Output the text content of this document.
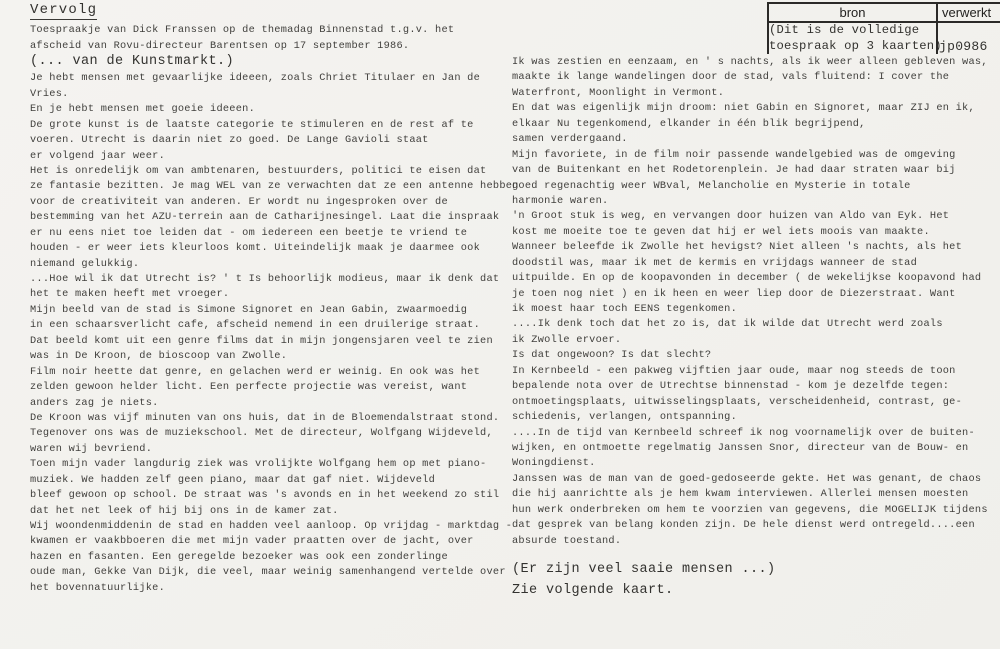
bron	verwerkt
(Dit is de volledige
toespraak op 3 kaarten)
jp0986
Vervolg
Toespraakje van Dick Franssen op de themadag Binnenstad t.g.v. het
afscheid van Rovu-directeur Barentsen op 17 september 1986.
(... van de Kunstmarkt.)
Je hebt mensen met gevaarlijke ideeen, zoals Chriet Titulaer en Jan de
Vries.
En je hebt mensen met goeie ideeen.
De grote kunst is de laatste categorie te stimuleren en de rest af te
voeren. Utrecht is daarin niet zo goed. De Lange Gavioli staat
er volgend jaar weer.
Het is onredelijk om van ambtenaren, bestuurders, politici te eisen dat
ze fantasie bezitten. Je mag WEL van ze verwachten dat ze een antenne hebben
voor de creativiteit van anderen. Er wordt nu ingesproken over de
bestemming van het AZU-terrein aan de Catharijnesingel. Laat die inspraak
er nu eens niet toe leiden dat - om iedereen een beetje te vriend te
houden - er weer iets kleurloos komt. Uiteindelijk maak je daarmee ook
niemand gelukkig.
...Hoe wil ik dat Utrecht is? ' t Is behoorlijk modieus, maar ik denk dat
het te maken heeft met vroeger.
Mijn beeld van de stad is Simone Signoret en Jean Gabin, zwaarmoedig
in een schaarsverlicht cafe, afscheid nemend in een druilerige straat.
Dat beeld komt uit een genre films dat in mijn jongensjaren veel te zien
was in De Kroon, de bioscoop van Zwolle.
Film noir heette dat genre, en gelachen werd er weinig. En ook was het
zelden gewoon helder licht. Een perfecte projectie was vereist, want
anders zag je niets.
De Kroon was vijf minuten van ons huis, dat in de Bloemendalstraat stond.
Tegenover ons was de muziekschool. Met de directeur, Wolfgang Wijdeveld,
waren wij bevriend.
Toen mijn vader langdurig ziek was vrolijkte Wolfgang hem op met piano-
muziek. We hadden zelf geen piano, maar dat gaf niet. Wijdeveld
bleef gewoon op school. De straat was 's avonds en in het weekend zo stil
dat het net leek of hij bij ons in de kamer zat.
Wij woondenmiddenin de stad en hadden veel aanloop. Op vrijdag - marktdag -
kwamen er vaakbboeren die met mijn vader praatten over de jacht, over
hazen en fasanten. Een geregelde bezoeker was ook een zonderlinge
oude man, Gekke Van Dijk, die veel, maar weinig samenhangend vertelde over
het bovennatuurlijke.
Ik was zestien en eenzaam, en ' s nachts, als ik weer alleen gebleven was,
maakte ik lange wandelingen door de stad, vals fluitend: I cover the
Waterfront, Moonlight in Vermont.
En dat was eigenlijk mijn droom: niet Gabin en Signoret, maar ZIJ en ik,
elkaar Nu tegenkomend, elkander in één blik begrijpend,
samen verdergaand.
Mijn favoriete, in de film noir passende wandelgebied was de omgeving
van de Buitenkant en het Rodetorenplein. Je had daar straten waar bij
goed regenachtig weer WBval, Melancholie en Mysterie in totale
harmonie waren.
'n Groot stuk is weg, en vervangen door huizen van Aldo van Eyk. Het
kost me moeite toe te geven dat hij er wel iets moois van maakte.
Wanneer beleefde ik Zwolle het hevigst? Niet alleen 's nachts, als het
doodstil was, maar ik met de kermis en vrijdags wanneer de stad
uitpuilde. En op de koopavonden in december ( de wekelijkse koopavond had
je toen nog niet ) en ik heen en weer liep door de Diezerstraat. Want
ik moest haar toch EENS tegenkomen.
....Ik denk toch dat het zo is, dat ik wilde dat Utrecht werd zoals
ik Zwolle ervoer.
Is dat ongewoon? Is dat slecht?
In Kernbeeld - een pakweg vijftien jaar oude, maar nog steeds de toon
bepalende nota over de Utrechtse binnenstad - kom je dezelfde tegen:
ontmoetingsplaats, uitwisselingsplaats, verscheidenheid, contrast, ge-
schiedenis, verlangen, ontspanning.
....In de tijd van Kernbeeld schreef ik nog voornamelijk over de buiten-
wijken, en ontmoette regelmatig Janssen Snor, directeur van de Bouw- en
Woningdienst.
Janssen was de man van de goed-gedoseerde gekte. Het was genant, de chaos
die hij aanrichtte als je hem kwam interviewen. Allerlei mensen moesten
hun werk onderbreken om hem te voorzien van gegevens, die MOGELIJK tijdens
dat gesprek van belang konden zijn. De hele dienst werd ontregeld....een
absurde toestand.
(Er zijn veel saaie mensen ...)
Zie volgende kaart.
